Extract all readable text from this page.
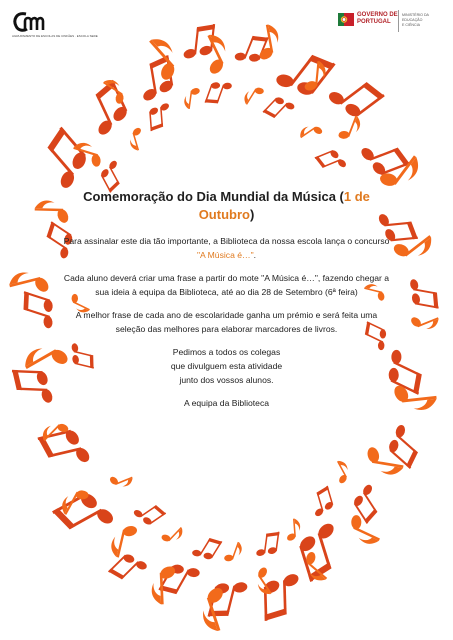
AGRUPAMENTO DE ESCOLAS DE CINFÃES · ESCOLA SEDE
GOVERNO DE
PORTUGAL
MINISTÉRIO DA EDUCAÇÃO
E CIÊNCIA
Comemoração do Dia Mundial da Música (1 de Outubro)
Para assinalar este dia tão importante, a Biblioteca da nossa escola lança o concurso "A Música é…".
Cada aluno deverá criar uma frase a partir do mote "A Música é…", fazendo chegar a sua ideia à equipa da Biblioteca, até ao dia 28 de Setembro (6ª feira)
A melhor frase de cada ano de escolaridade ganha um prémio e será feita uma seleção das melhores para elaborar marcadores de livros.
Pedimos a todos os colegas
que divulguem esta atividade
junto dos vossos alunos.
A equipa da Biblioteca
